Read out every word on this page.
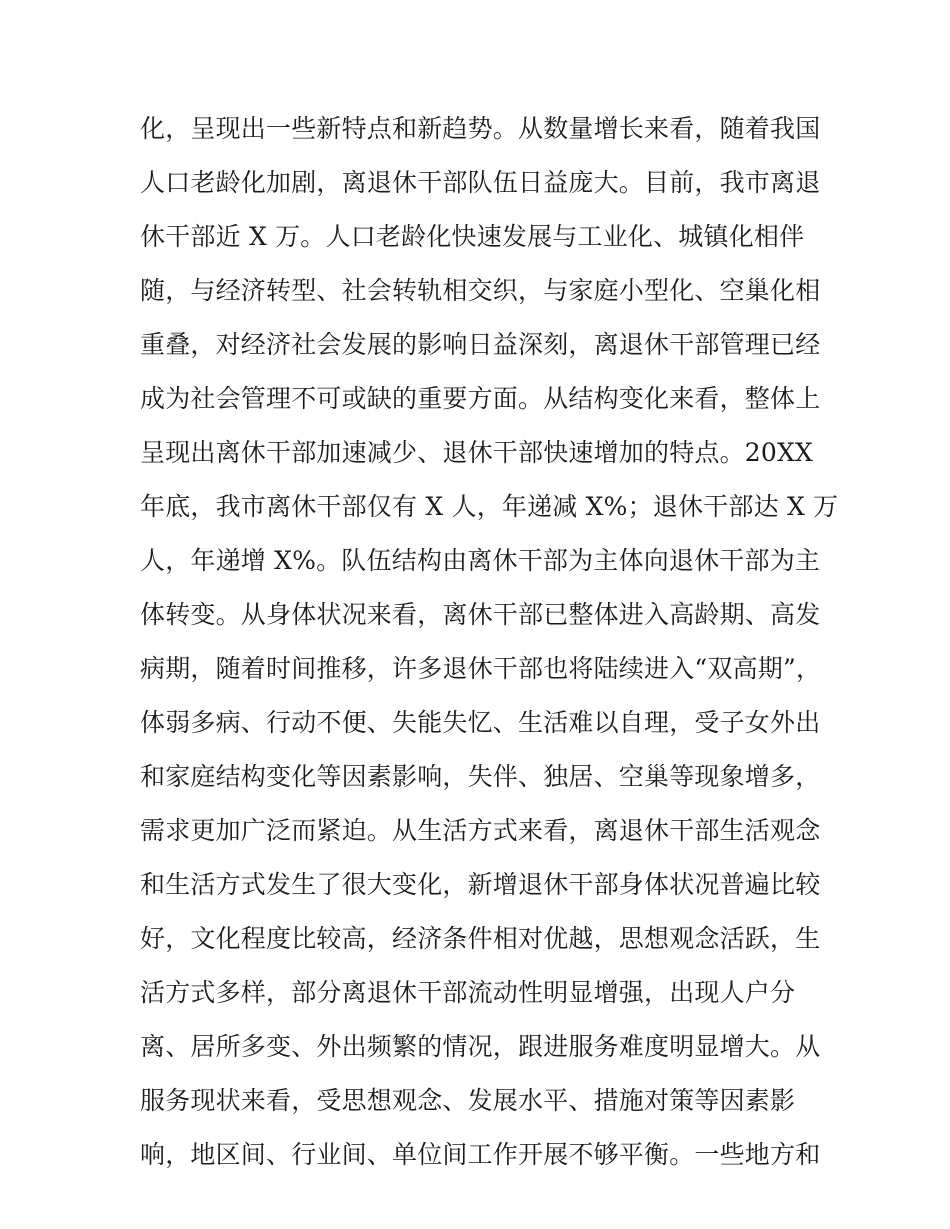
化，呈现出一些新特点和新趋势。从数量增长来看，随着我国
人口老龄化加剧，离退休干部队伍日益庞大。目前，我市离退
休干部近 X 万。人口老龄化快速发展与工业化、城镇化相伴
随，与经济转型、社会转轨相交织，与家庭小型化、空巢化相
重叠，对经济社会发展的影响日益深刻，离退休干部管理已经
成为社会管理不可或缺的重要方面。从结构变化来看，整体上
呈现出离休干部加速减少、退休干部快速增加的特点。20XX
年底，我市离休干部仅有 X 人，年递减 X%；退休干部达 X 万
人，年递增 X%。队伍结构由离休干部为主体向退休干部为主
体转变。从身体状况来看，离休干部已整体进入高龄期、高发
病期，随着时间推移，许多退休干部也将陆续进入“双高期”，
体弱多病、行动不便、失能失忆、生活难以自理，受子女外出
和家庭结构变化等因素影响，失伴、独居、空巢等现象增多，
需求更加广泛而紧迫。从生活方式来看，离退休干部生活观念
和生活方式发生了很大变化，新增退休干部身体状况普遍比较
好，文化程度比较高，经济条件相对优越，思想观念活跃，生
活方式多样，部分离退休干部流动性明显增强，出现人户分
离、居所多变、外出频繁的情况，跟进服务难度明显增大。从
服务现状来看，受思想观念、发展水平、措施对策等因素影
响，地区间、行业间、单位间工作开展不够平衡。一些地方和
